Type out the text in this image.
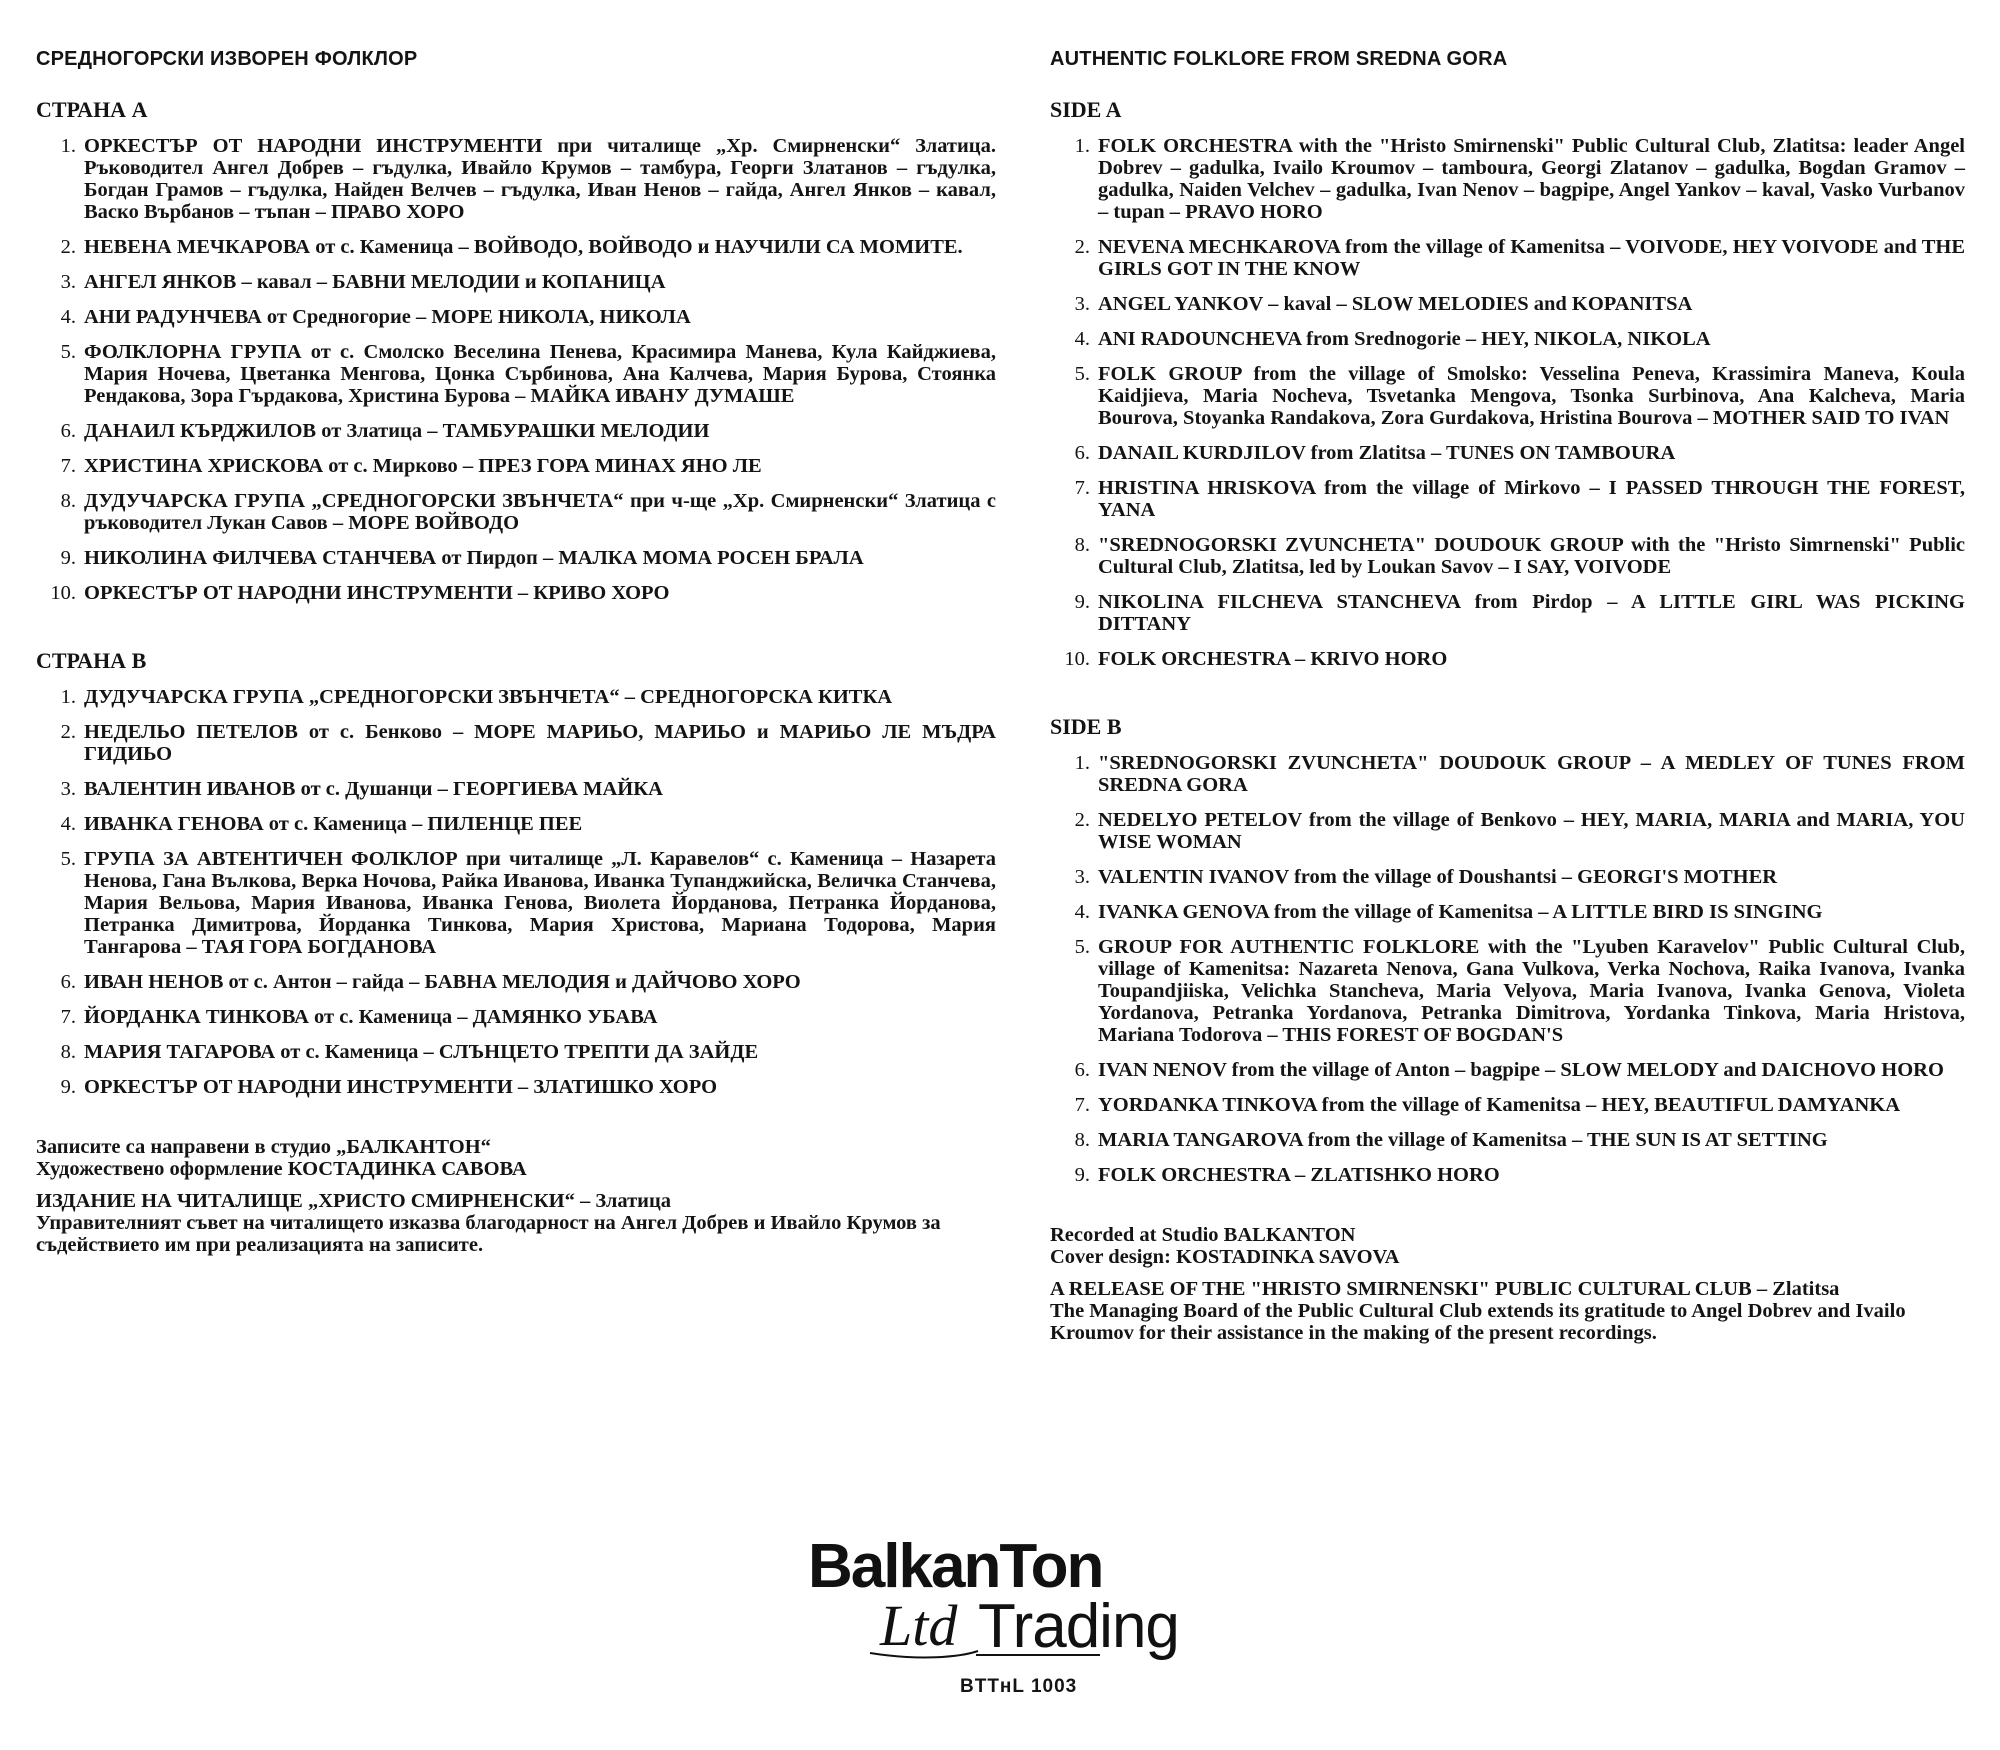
СРЕДНОГОРСКИ ИЗВОРЕН ФОЛКЛОР
СТРАНА А
1. ОРКЕСТЪР ОТ НАРОДНИ ИНСТРУМЕНТИ при читалище „Хр. Смирненски“ Златица. Ръководител Ангел Добрев – гъдулка, Ивайло Крумов – тамбура, Георги Златанов – гъдулка, Богдан Грамов – гъдулка, Найден Велчев – гъдулка, Иван Ненов – гайда, Ангел Янков – кавал, Васко Върбанов – тъпан – ПРАВО ХОРО
2. НЕВЕНА МЕЧКАРОВА от с. Каменица – ВОЙВОДО, ВОЙВОДО и НАУЧИЛИ СА МОМИТЕ.
3. АНГЕЛ ЯНКОВ – кавал – БАВНИ МЕЛОДИИ и КОПАНИЦА
4. АНИ РАДУНЧЕВА от Средногорие – МОРЕ НИКОЛА, НИКОЛА
5. ФОЛКЛОРНА ГРУПА от с. Смолско Веселина Пенева, Красимира Манева, Кула Кайджиева, Мария Ночева, Цветанка Менгова, Цонка Сърбинова, Ана Калчева, Мария Бурова, Стоянка Рендакова, Зора Гърдакова, Христина Бурова – МАЙКА ИВАНУ ДУМАШЕ
6. ДАНАИЛ КЪРДЖИЛОВ от Златица – ТАМБУРАШКИ МЕЛОДИИ
7. ХРИСТИНА ХРИСКОВА от с. Мирково – ПРЕЗ ГОРА МИНАХ ЯНО ЛЕ
8. ДУДУЧАРСКА ГРУПА „СРЕДНОГОРСКИ ЗВЪНЧЕТА“ при ч-ще „Хр. Смирненски“ Златица с ръководител Лукан Савов – МОРЕ ВОЙВОДО
9. НИКОЛИНА ФИЛЧЕВА СТАНЧЕВА от Пирдоп – МАЛКА МОМА РОСЕН БРАЛА
10. ОРКЕСТЪР ОТ НАРОДНИ ИНСТРУМЕНТИ – КРИВО ХОРО
СТРАНА В
1. ДУДУЧАРСКА ГРУПА „СРЕДНОГОРСКИ ЗВЪНЧЕТА“ – СРЕДНОГОРСКА КИТКА
2. НЕДЕЛЬО ПЕТЕЛОВ от с. Бенково – МОРЕ МАРИЬО, МАРИЬО и МАРИЬО ЛЕ МЪДРА ГИДИЬО
3. ВАЛЕНТИН ИВАНОВ от с. Душанци – ГЕОРГИЕВА МАЙКА
4. ИВАНКА ГЕНОВА от с. Каменица – ПИЛЕНЦЕ ПЕЕ
5. ГРУПА ЗА АВТЕНТИЧЕН ФОЛКЛОР при читалище „Л. Каравелов“ с. Каменица – Назарета Ненова, Гана Вълкова, Верка Ночова, Райка Иванова, Иванка Тупанджийска, Величка Станчева, Мария Вельова, Мария Иванова, Иванка Генова, Виолета Йорданова, Петранка Йорданова, Петранка Димитрова, Йорданка Тинкова, Мария Христова, Мариана Тодорова, Мария Тангарова – ТАЯ ГОРА БОГДАНОВА
6. ИВАН НЕНОВ от с. Антон – гайда – БАВНА МЕЛОДИЯ и ДАЙЧОВО ХОРО
7. ЙОРДАНКА ТИНКОВА от с. Каменица – ДАМЯНКО УБАВА
8. МАРИЯ ТАГАРОВА от с. Каменица – СЛЪНЦЕТО ТРЕПТИ ДА ЗАЙДЕ
9. ОРКЕСТЪР ОТ НАРОДНИ ИНСТРУМЕНТИ – ЗЛАТИШКО ХОРО
Записите са направени в студио „БАЛКАНТОН“
Художествено оформление КОСТАДИНКА САВОВА
ИЗДАНИЕ НА ЧИТАЛИЩЕ „ХРИСТО СМИРНЕНСКИ“ – Златица
Управителният съвет на читалището изказва благодарност на Ангел Добрев и Ивайло Крумов за съдействието им при реализацията на записите.
AUTHENTIC FOLKLORE FROM SREDNA GORA
SIDE A
1. FOLK ORCHESTRA with the "Hristo Smirnenski" Public Cultural Club, Zlatitsa: leader Angel Dobrev – gadulka, Ivailo Kroumov – tamboura, Georgi Zlatanov – gadulka, Bogdan Gramov – gadulka, Naiden Velchev – gadulka, Ivan Nenov – bagpipe, Angel Yankov – kaval, Vasko Vurbanov – tupan – PRAVO HORO
2. NEVENA MECHKAROVA from the village of Kamenitsa – VOIVODE, HEY VOIVODE and THE GIRLS GOT IN THE KNOW
3. ANGEL YANKOV – kaval – SLOW MELODIES and KOPANITSA
4. ANI RADOUNCHEVA from Srednogorie – HEY, NIKOLA, NIKOLA
5. FOLK GROUP from the village of Smolsko: Vesselina Peneva, Krassimira Maneva, Koula Kaidjieva, Maria Nocheva, Tsvetanka Mengova, Tsonka Surbinova, Ana Kalcheva, Maria Bourova, Stoyanka Randakova, Zora Gurdakova, Hristina Bourova – MOTHER SAID TO IVAN
6. DANAIL KURDJILOV from Zlatitsa – TUNES ON TAMBOURA
7. HRISTINA HRISKOVA from the village of Mirkovo – I PASSED THROUGH THE FOREST, YANA
8. "SREDNOGORSKI ZVUNCHETA" DOUDOUK GROUP with the "Hristo Simrnenski" Public Cultural Club, Zlatitsa, led by Loukan Savov – I SAY, VOIVODE
9. NIKOLINA FILCHEVA STANCHEVA from Pirdop – A LITTLE GIRL WAS PICKING DITTANY
10. FOLK ORCHESTRA – KRIVO HORO
SIDE B
1. "SREDNOGORSKI ZVUNCHETA" DOUDOUK GROUP – A MEDLEY OF TUNES FROM SREDNA GORA
2. NEDELYO PETELOV from the village of Benkovo – HEY, MARIA, MARIA and MARIA, YOU WISE WOMAN
3. VALENTIN IVANOV from the village of Doushantsi – GEORGI'S MOTHER
4. IVANKA GENOVA from the village of Kamenitsa – A LITTLE BIRD IS SINGING
5. GROUP FOR AUTHENTIC FOLKLORE with the "Lyuben Karavelov" Public Cultural Club, village of Kamenitsa: Nazareta Nenova, Gana Vulkova, Verka Nochova, Raika Ivanova, Ivanka Toupandjiiska, Velichka Stancheva, Maria Velyova, Maria Ivanova, Ivanka Genova, Violeta Yordanova, Petranka Yordanova, Petranka Dimitrova, Yordanka Tinkova, Maria Hristova, Mariana Todorova – THIS FOREST OF BOGDAN'S
6. IVAN NENOV from the village of Anton – bagpipe – SLOW MELODY and DAICHOVO HORO
7. YORDANKA TINKOVA from the village of Kamenitsa – HEY, BEAUTIFUL DAMYANKA
8. MARIA TANGAROVA from the village of Kamenitsa – THE SUN IS AT SETTING
9. FOLK ORCHESTRA – ZLATISHKO HORO
Recorded at Studio BALKANTON
Cover design: KOSTADINKA SAVOVA
A RELEASE OF THE "HRISTO SMIRNENSKI" PUBLIC CULTURAL CLUB – Zlatitsa
The Managing Board of the Public Cultural Club extends its gratitude to Angel Dobrev and Ivailo Kroumov for their assistance in the making of the present recordings.
BalkanTon
Ltd Trading
BTTнL 1003
